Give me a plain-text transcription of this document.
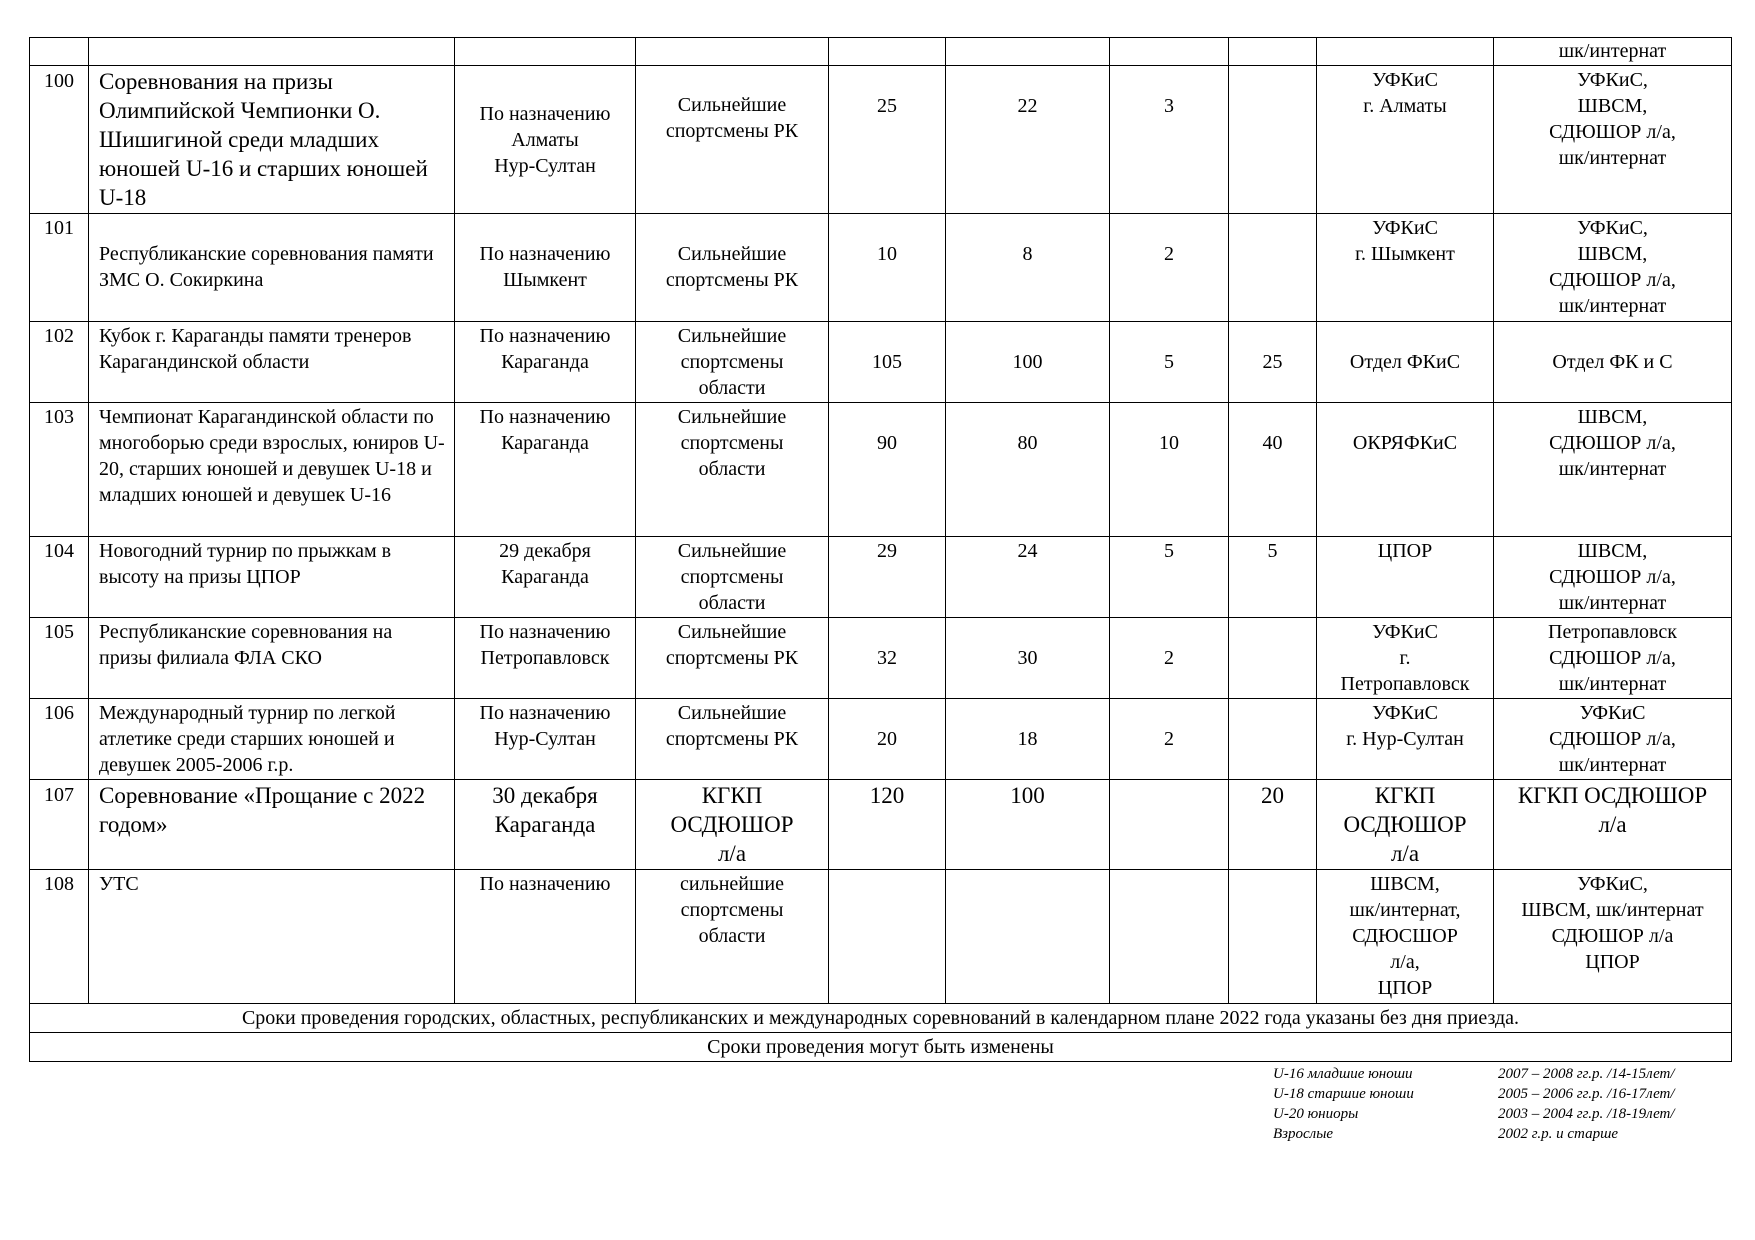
									шк/интернат
100	Соревнования на призы Олимпийской Чемпионки О. Шишигиной среди младших юношей U-16 и старших юношей U-18	По назначению
Алматы
Нур-Султан	Сильнейшие спортсмены РК	25	22	3		УФКиС
г. Алматы	УФКиС,
ШВСМ,
СДЮШОР л/а,
шк/интернат
101	Республиканские соревнования памяти ЗМС О. Сокиркина	По назначению
Шымкент	Сильнейшие спортсмены РК	10	8	2		УФКиС
г. Шымкент	УФКиС,
ШВСМ,
СДЮШОР л/а,
шк/интернат
102	Кубок г. Караганды памяти тренеров Карагандинской области	По назначению
Караганда	Сильнейшие спортсмены области	105	100	5	25	Отдел ФКиС	Отдел ФК и С
103	Чемпионат Карагандинской области по многоборью среди взрослых, юниров U-20, старших юношей и девушек U-18 и младших юношей и девушек U-16	По назначению
Караганда	Сильнейшие спортсмены области	90	80	10	40	ОКРЯФКиС	ШВСМ,
СДЮШОР л/а,
шк/интернат
104	Новогодний турнир по прыжкам в высоту на призы ЦПОР	29 декабря
Караганда	Сильнейшие спортсмены области	29	24	5	5	ЦПОР	ШВСМ,
СДЮШОР л/а,
шк/интернат
105	Республиканские соревнования на призы филиала ФЛА СКО	По назначению
Петропавловск	Сильнейшие спортсмены РК	32	30	2		УФКиС
г.
Петропавловск	Петропавловск
СДЮШОР л/а,
шк/интернат
106	Международный турнир по легкой атлетике среди старших юношей и девушек 2005-2006 г.р.	По назначению
Нур-Султан	Сильнейшие спортсмены РК	20	18	2		УФКиС
г. Нур-Султан	УФКиС
СДЮШОР л/а,
шк/интернат
107	Соревнование «Прощание с 2022 годом»	30 декабря
Караганда	КГКП
ОСДЮШОР
л/а	120	100		20	КГКП
ОСДЮШОР
л/а	КГКП ОСДЮШОР
л/а
108	УТС	По назначению	сильнейшие
спортсмены
области					ШВСМ,
шк/интернат,
СДЮСШОР
л/а,
ЦПОР	УФКиС,
ШВСМ, шк/интернат
СДЮШОР л/а
ЦПОР
Сроки проведения городских, областных, республиканских и международных соревнований в календарном плане 2022 года указаны без дня приезда.									
Сроки проведения могут быть изменены									
U-16 младшие юноши	2007 – 2008 гг.р. /14-15лет/
U-18 старшие юноши	2005 – 2006 гг.р. /16-17лет/
U-20 юниоры	2003 – 2004 гг.р. /18-19лет/
Взрослые	2002 г.р. и старше
